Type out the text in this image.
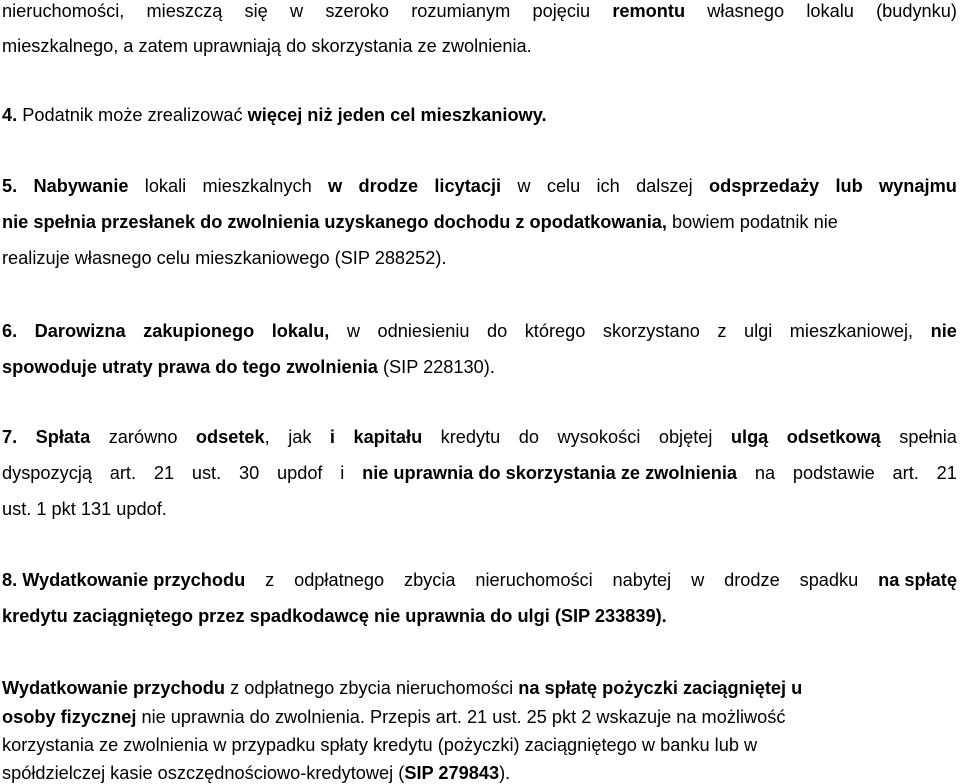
nieruchomości, mieszczą się w szeroko rozumianym pojęciu remontu własnego lokalu (budynku)
mieszkalnego, a zatem uprawniają do skorzystania ze zwolnienia.
4. Podatnik może zrealizować więcej niż jeden cel mieszkaniowy.
5. Nabywanie lokali mieszkalnych w drodze licytacji w celu ich dalszej odsprzedaży lub wynajmu
nie spełnia przesłanek do zwolnienia uzyskanego dochodu z opodatkowania, bowiem podatnik nie
realizuje własnego celu mieszkaniowego (SIP 288252).
6. Darowizna zakupionego lokalu, w odniesieniu do którego skorzystano z ulgi mieszkaniowej, nie
spowoduje utraty prawa do tego zwolnienia (SIP 228130).
7. Spłata zarówno odsetek, jak i kapitału kredytu do wysokości objętej ulgą odsetkową spełnia
dyspozycją art. 21 ust. 30 updof i nie uprawnia do skorzystania ze zwolnienia na podstawie art. 21
ust. 1 pkt 131 updof.
8. Wydatkowanie przychodu z odpłatnego zbycia nieruchomości nabytej w drodze spadku na spłatę
kredytu zaciągniętego przez spadkodawcę nie uprawnia do ulgi (SIP 233839).
Wydatkowanie przychodu z odpłatnego zbycia nieruchomości na spłatę pożyczki zaciągniętej u
osoby fizycznej nie uprawnia do zwolnienia. Przepis art. 21 ust. 25 pkt 2 wskazuje na możliwość
korzystania ze zwolnienia w przypadku spłaty kredytu (pożyczki) zaciągniętego w banku lub w
spółdzielczej kasie oszczędnościowo-kredytowej (SIP 279843).
